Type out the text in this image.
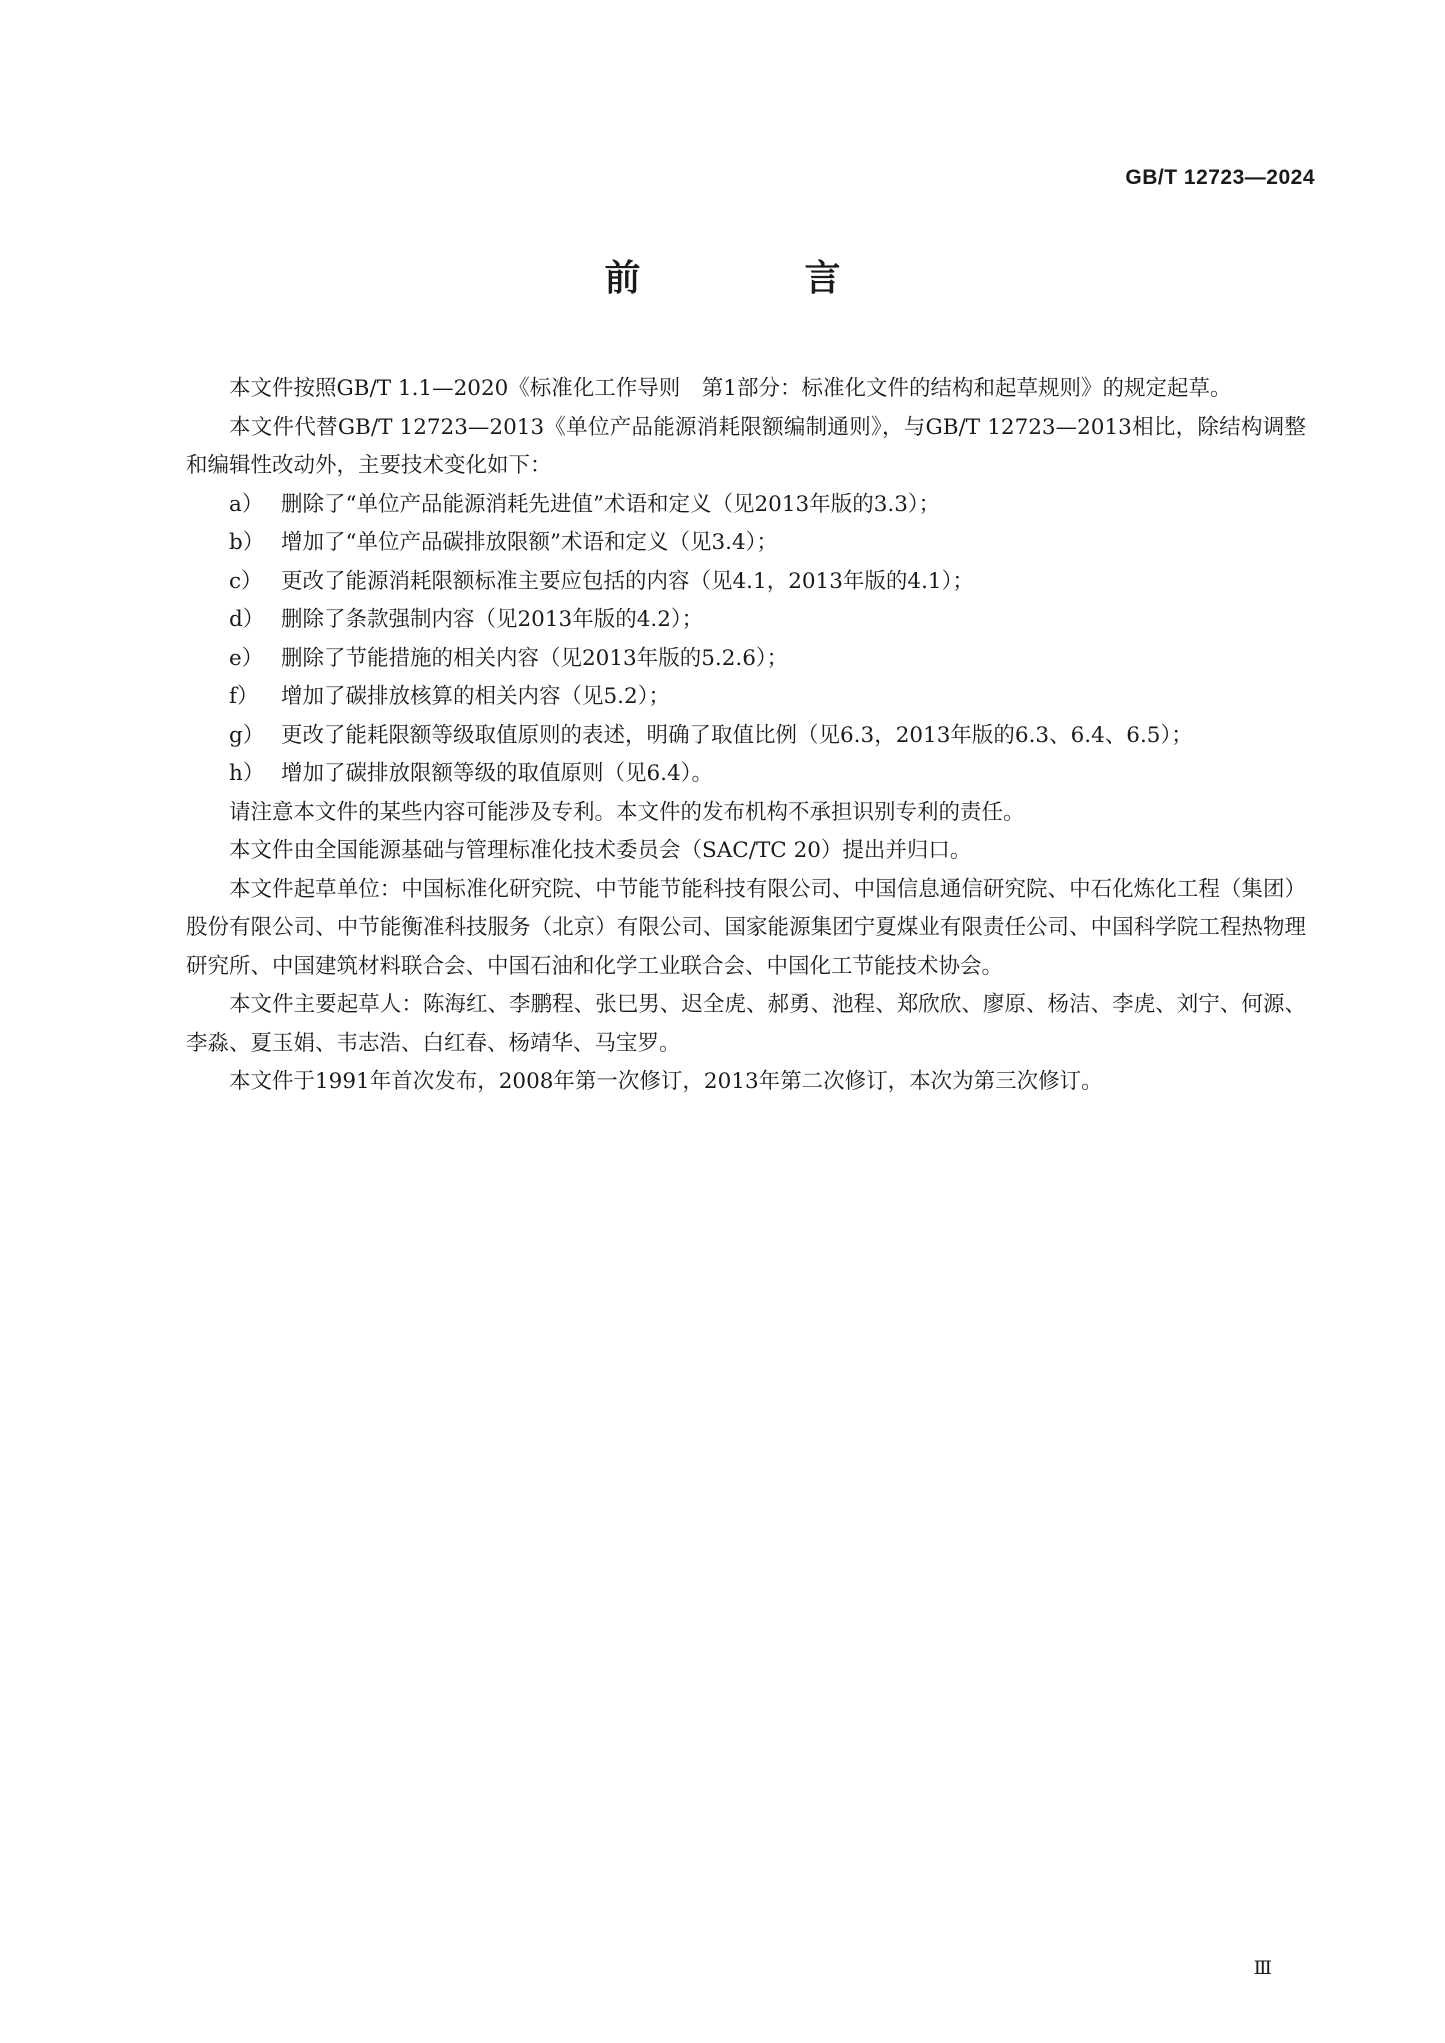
GB/T 12723—2024
前　言

本文件按照GB/T 1.1—2020《标准化工作导则　第1部分：标准化文件的结构和起草规则》的规定起草。

本文件代替GB/T 12723—2013《单位产品能源消耗限额编制通则》，与GB/T 12723—2013相比，除结构调整和编辑性改动外，主要技术变化如下：

a） 删除了“单位产品能源消耗先进值”术语和定义（见2013年版的3.3）；

b） 增加了“单位产品碳排放限额”术语和定义（见3.4）；

c） 更改了能源消耗限额标准主要应包括的内容（见4.1，2013年版的4.1）；

d） 删除了条款强制内容（见2013年版的4.2）；

e） 删除了节能措施的相关内容（见2013年版的5.2.6）；

f） 增加了碳排放核算的相关内容（见5.2）；

g） 更改了能耗限额等级取值原则的表述，明确了取值比例（见6.3，2013年版的6.3、6.4、6.5）；

h） 增加了碳排放限额等级的取值原则（见6.4）。

请注意本文件的某些内容可能涉及专利。本文件的发布机构不承担识别专利的责任。

本文件由全国能源基础与管理标准化技术委员会（SAC/TC 20）提出并归口。

本文件起草单位：中国标准化研究院、中节能节能科技有限公司、中国信息通信研究院、中石化炼化工程（集团）股份有限公司、中节能衡准科技服务（北京）有限公司、国家能源集团宁夏煤业有限责任公司、中国科学院工程热物理研究所、中国建筑材料联合会、中国石油和化学工业联合会、中国化工节能技术协会。

本文件主要起草人：陈海红、李鹏程、张巳男、迟全虎、郝勇、池程、郑欣欣、廖原、杨洁、李虎、刘宁、何源、李淼、夏玉娟、韦志浩、白红春、杨靖华、马宝罗。

本文件于1991年首次发布，2008年第一次修订，2013年第二次修订，本次为第三次修订。

Ⅲ
